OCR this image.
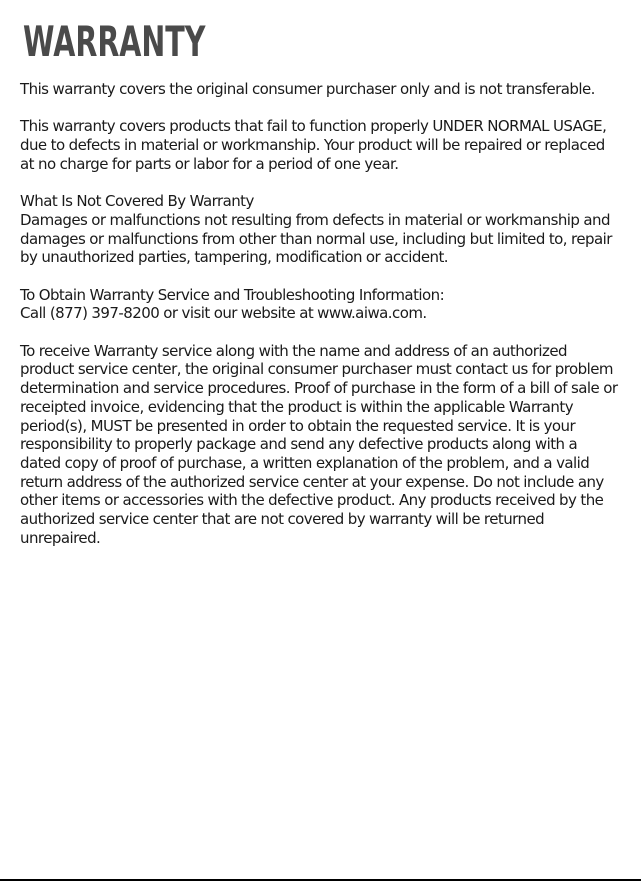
WARRANTY

This warranty covers the original consumer purchaser only and is not transferable.

This warranty covers products that fail to function properly UNDER NORMAL USAGE, due to defects in material or workmanship. Your product will be repaired or replaced at no charge for parts or labor for a period of one year.

What Is Not Covered By Warranty
Damages or malfunctions not resulting from defects in material or workmanship and damages or malfunctions from other than normal use, including but limited to, repair by unauthorized parties, tampering, modification or accident.

To Obtain Warranty Service and Troubleshooting Information:
Call (877) 397-8200 or visit our website at www.aiwa.com.

To receive Warranty service along with the name and address of an authorized product service center, the original consumer purchaser must contact us for problem determination and service procedures. Proof of purchase in the form of a bill of sale or receipted invoice, evidencing that the product is within the applicable Warranty period(s), MUST be presented in order to obtain the requested service. It is your responsibility to properly package and send any defective products along with a dated copy of proof of purchase, a written explanation of the problem, and a valid return address of the authorized service center at your expense. Do not include any other items or accessories with the defective product. Any products received by the authorized service center that are not covered by warranty will be returned unrepaired.
